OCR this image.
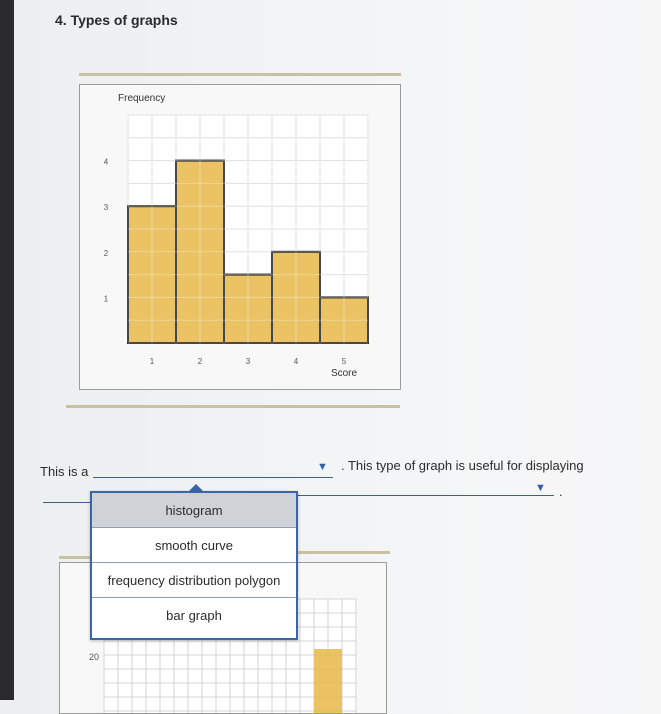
4. Types of graphs
Frequency
1
2
3
4
1	2	3	4	5
Score
This is a	▼ . This type of graph is useful for displaying
▼ .
20
histogram
smooth curve
frequency distribution polygon
bar graph
